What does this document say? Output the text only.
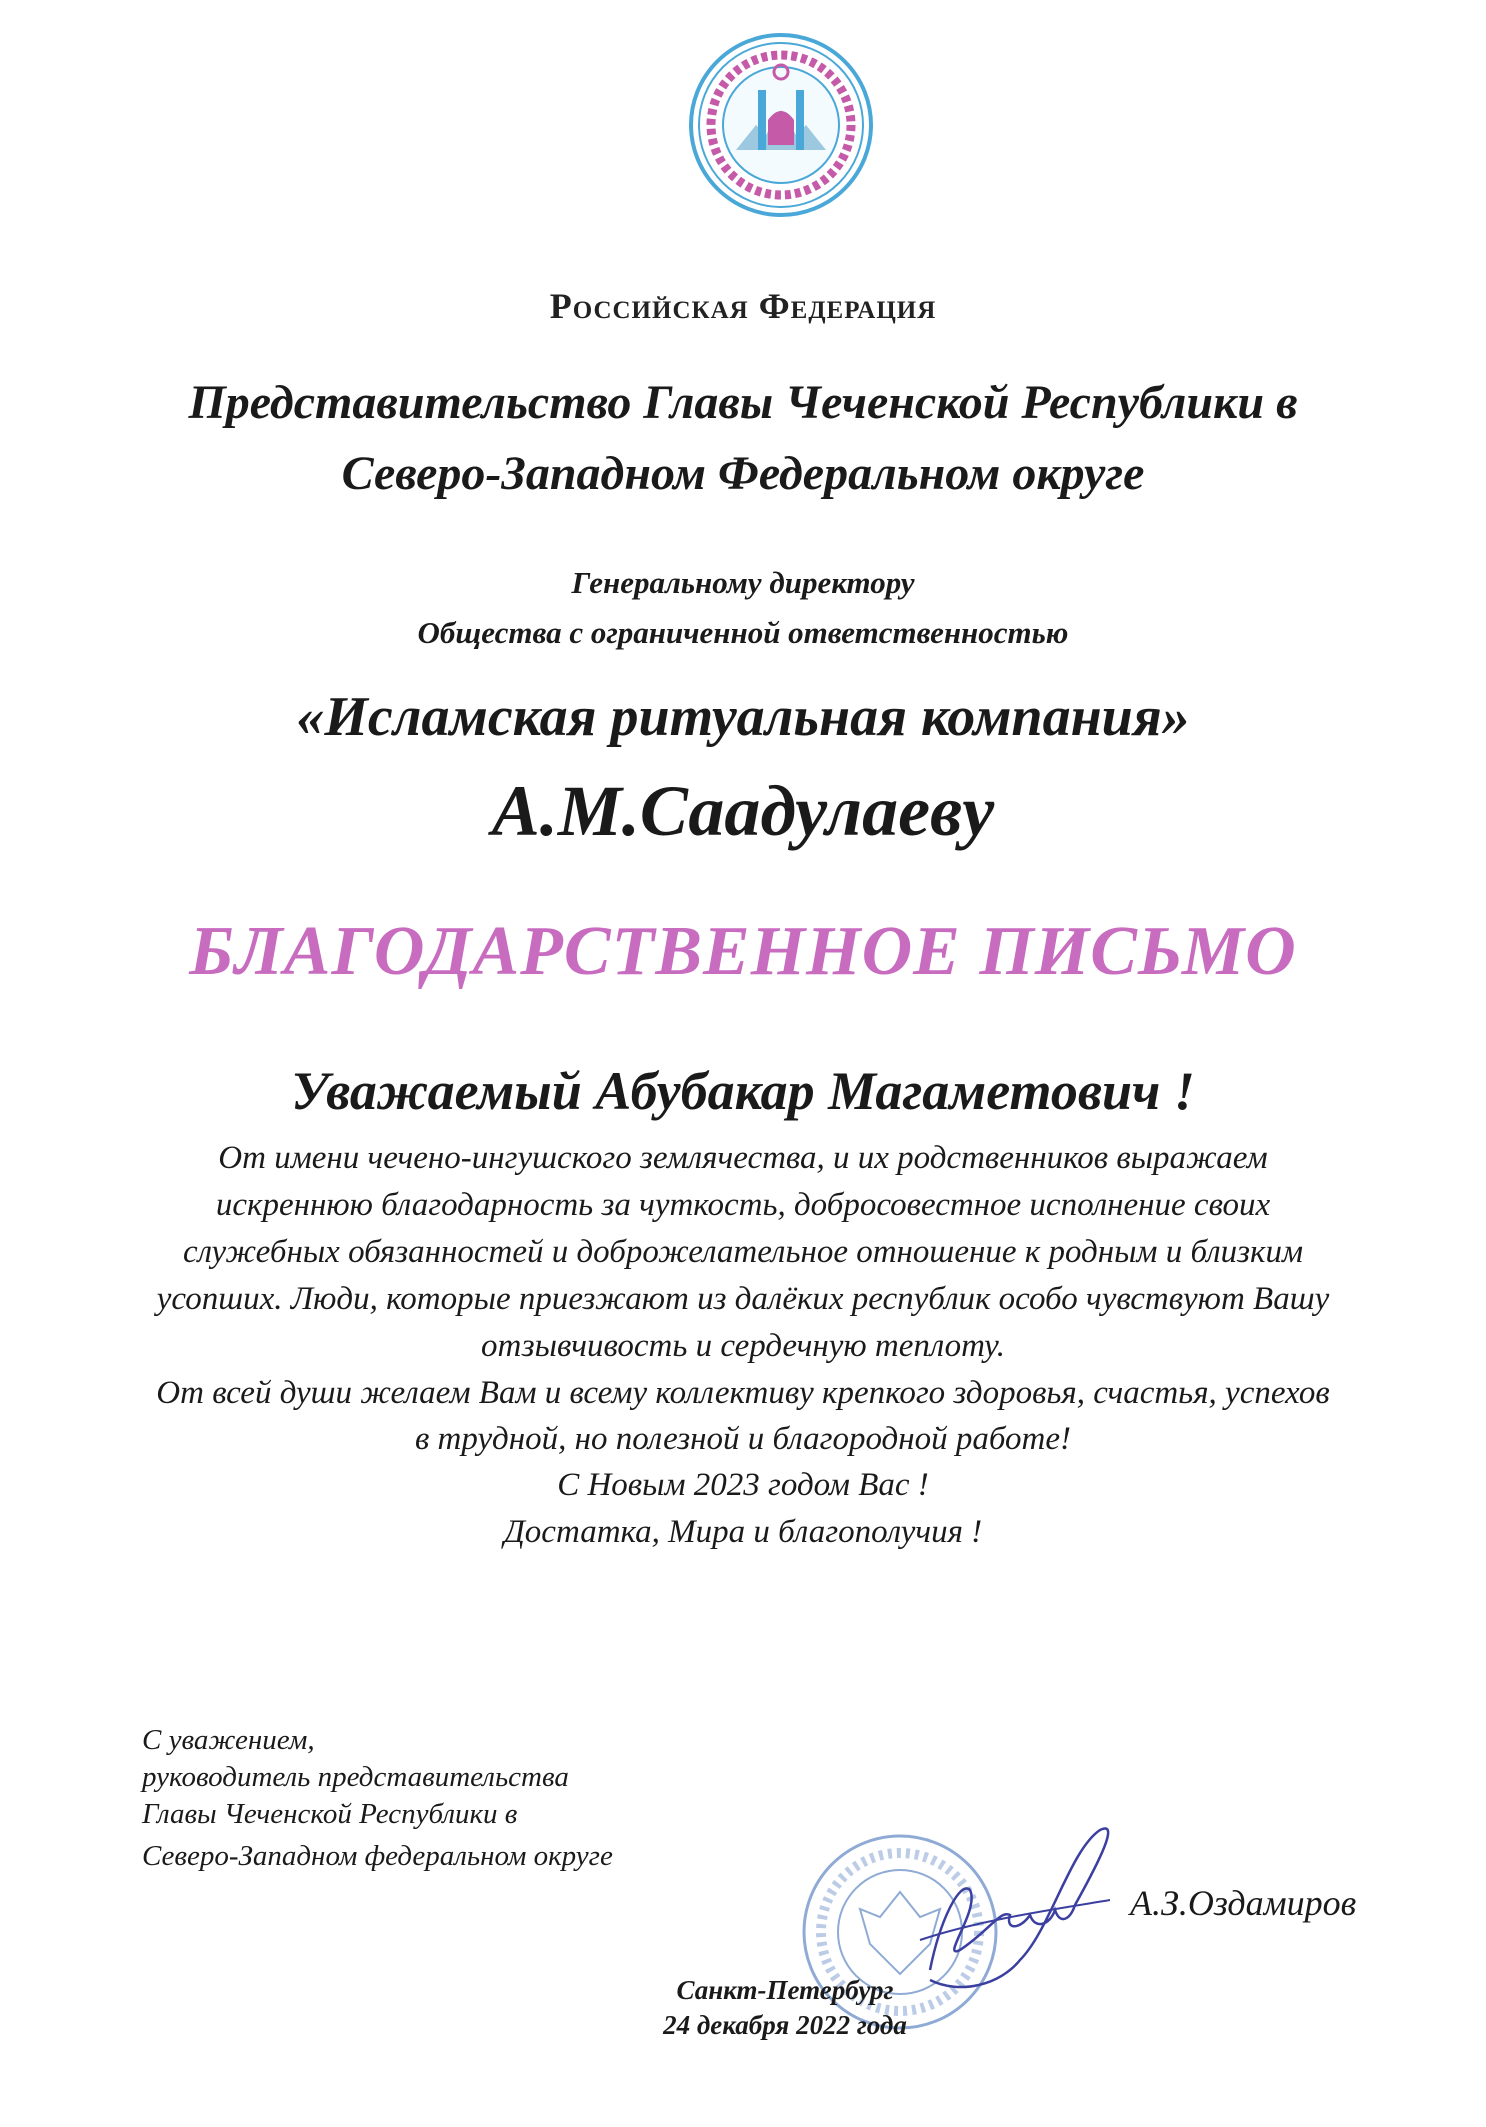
Российская Федерация
Представительство Главы Чеченской Республики в
Северо-Западном Федеральном округе
Генеральному директору
Общества с ограниченной ответственностью
«Исламская ритуальная компания»
А.М.Саадулаеву
БЛАГОДАРСТВЕННОЕ ПИСЬМО
Уважаемый Абубакар Магаметович !
От имени чечено-ингушского землячества, и их родственников выражаем
искреннюю благодарность за чуткость, добросовестное исполнение своих
служебных обязанностей и доброжелательное отношение к родным и близким
усопших. Люди, которые приезжают из далёких республик особо чувствуют Вашу
отзывчивость и сердечную теплоту.
От всей души желаем Вам и всему коллективу крепкого здоровья, счастья, успехов
в трудной, но полезной и благородной работе!
С Новым 2023 годом Вас !
Достатка, Мира и благополучия !
С уважением,
руководитель представительства
Главы Чеченской Республики в
Северо-Западном федеральном округе
А.З.Оздамиров
Санкт-Петербург
24 декабря 2022 года
